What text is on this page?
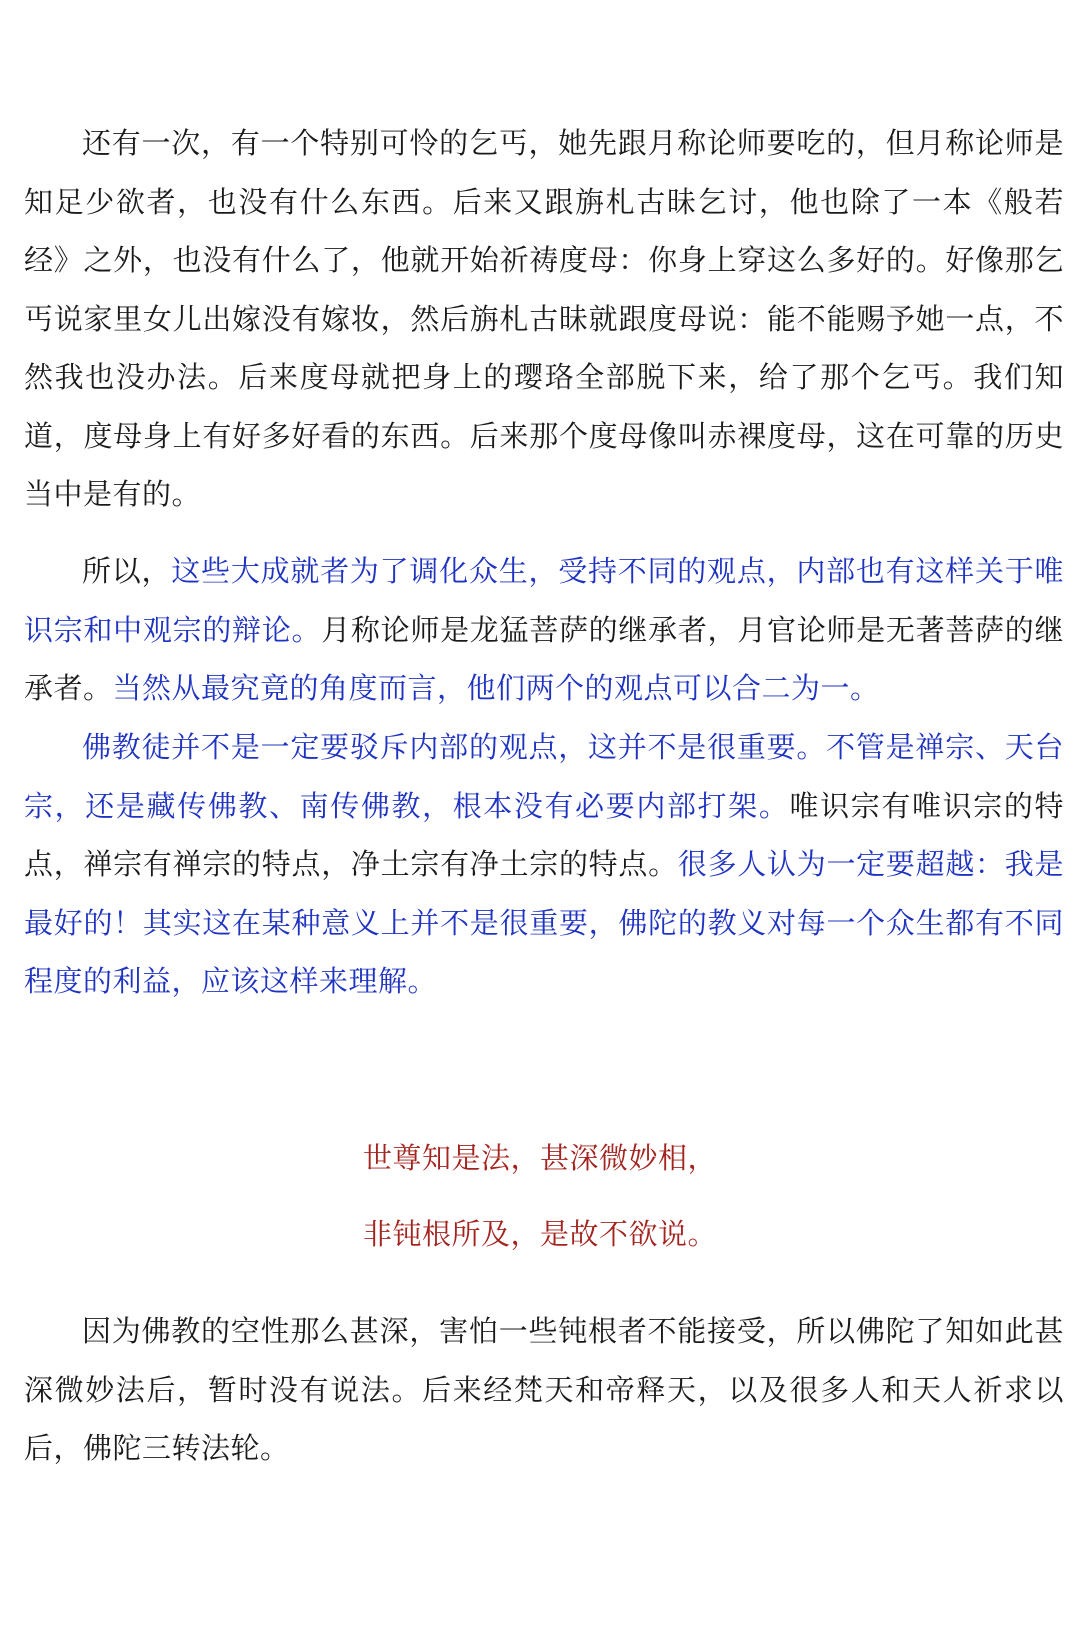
还有一次，有一个特别可怜的乞丐，她先跟月称论师要吃的，但月称论师是知足少欲者，也没有什么东西。后来又跟旃札古昧乞讨，他也除了一本《般若经》之外，也没有什么了，他就开始祈祷度母：你身上穿这么多好的。好像那乞丐说家里女儿出嫁没有嫁妆，然后旃札古昧就跟度母说：能不能赐予她一点，不然我也没办法。后来度母就把身上的璎珞全部脱下来，给了那个乞丐。我们知道，度母身上有好多好看的东西。后来那个度母像叫赤裸度母，这在可靠的历史当中是有的。

所以，这些大成就者为了调化众生，受持不同的观点，内部也有这样关于唯识宗和中观宗的辩论。月称论师是龙猛菩萨的继承者，月官论师是无著菩萨的继承者。当然从最究竟的角度而言，他们两个的观点可以合二为一。

佛教徒并不是一定要驳斥内部的观点，这并不是很重要。不管是禅宗、天台宗，还是藏传佛教、南传佛教，根本没有必要内部打架。唯识宗有唯识宗的特点，禅宗有禅宗的特点，净土宗有净土宗的特点。很多人认为一定要超越：我是最好的！其实这在某种意义上并不是很重要，佛陀的教义对每一个众生都有不同程度的利益，应该这样来理解。

世尊知是法，甚深微妙相，
非钝根所及，是故不欲说。

因为佛教的空性那么甚深，害怕一些钝根者不能接受，所以佛陀了知如此甚深微妙法后，暂时没有说法。后来经梵天和帝释天，以及很多人和天人祈求以后，佛陀三转法轮。
